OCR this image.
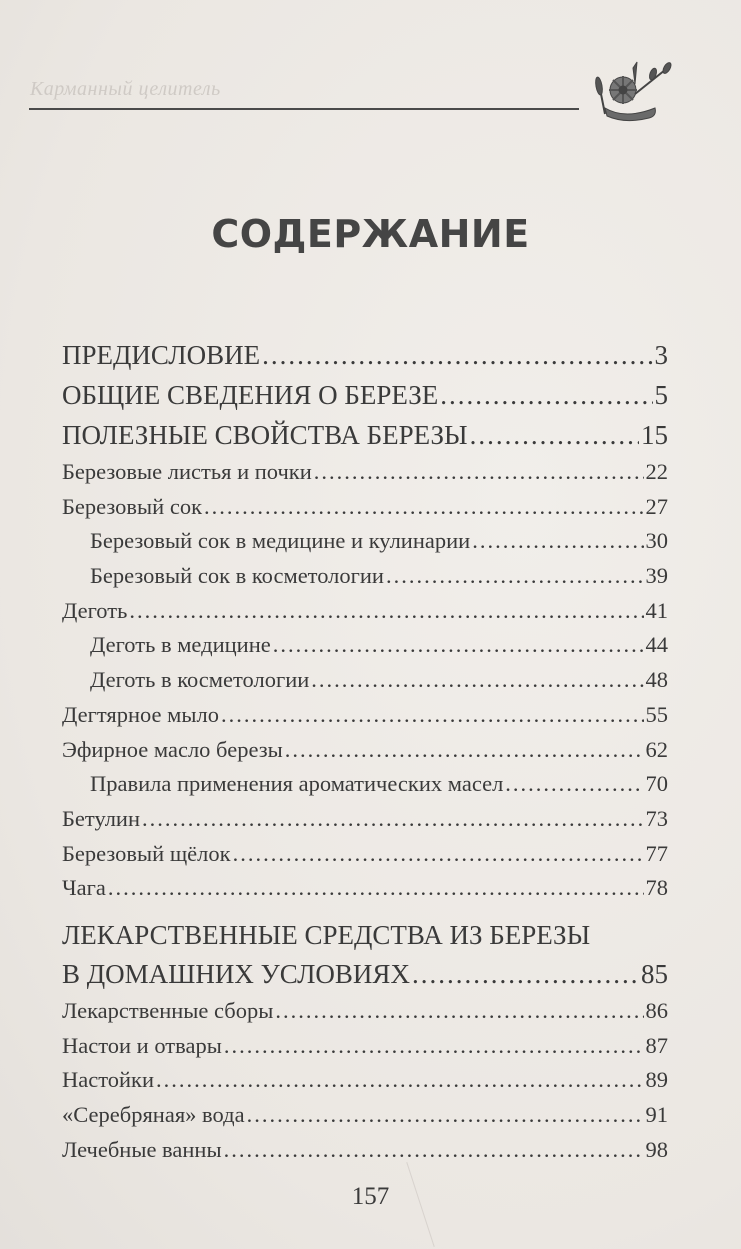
Карманный целитель
СОДЕРЖАНИЕ
ПРЕДИСЛОВИЕ .....	3
ОБЩИЕ СВЕДЕНИЯ О БЕРЕЗЕ .....	5
ПОЛЕЗНЫЕ СВОЙСТВА БЕРЕЗЫ .....	15
Березовые листья и почки .....	22
Березовый сок .....	27
Березовый сок в медицине и кулинарии .....	30
Березовый сок в косметологии .....	39
Деготь .....	41
Деготь в медицине .....	44
Деготь в косметологии .....	48
Дегтярное мыло .....	55
Эфирное масло березы .....	62
Правила применения ароматических масел .....	70
Бетулин .....	73
Березовый щёлок .....	77
Чага .....	78
ЛЕКАРСТВЕННЫЕ СРЕДСТВА ИЗ БЕРЕЗЫ
В ДОМАШНИХ УСЛОВИЯХ .....	85
Лекарственные сборы .....	86
Настои и отвары .....	87
Настойки .....	89
«Серебряная» вода .....	91
Лечебные ванны .....	98
157
